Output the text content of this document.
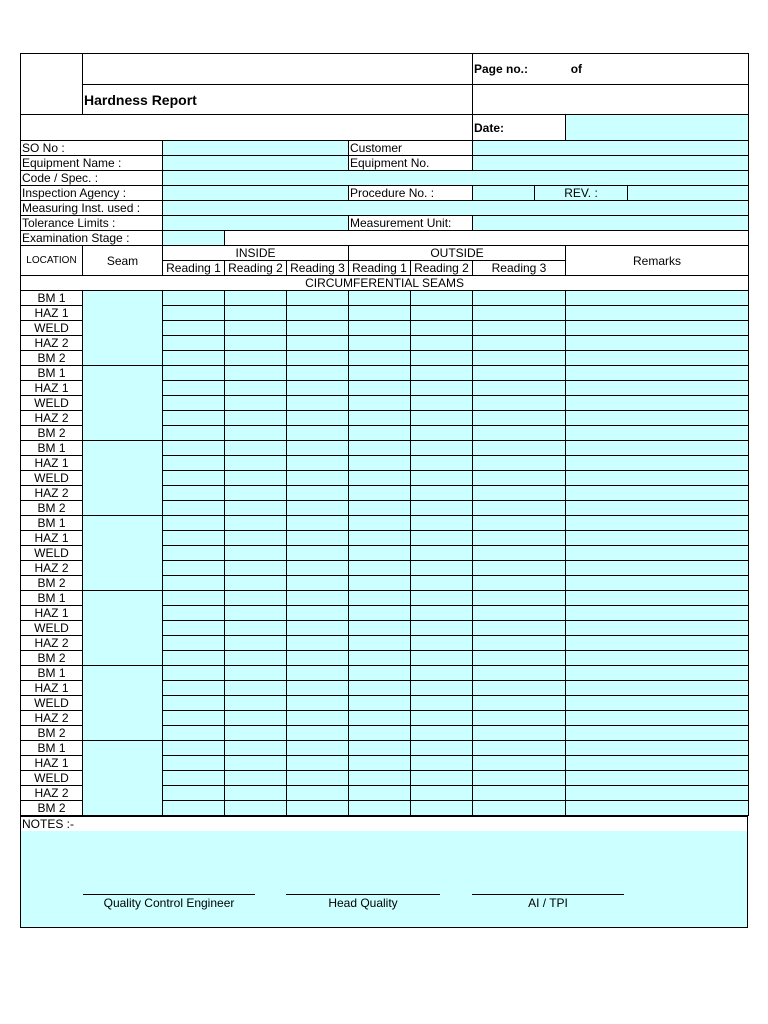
							Page no.: of			
	Hardness Report									
							Date:			
SO No :					Customer					
Equipment Name :					Equipment No.					
Code / Spec. :										
Inspection Agency :					Procedure No. :			REV. :		
Measuring Inst. used :										
Tolerance Limits :					Measurement Unit:					
Examination Stage :										
LOCATION	Seam	INSIDE			OUTSIDE				Remarks	
		Reading 1	Reading 2	Reading 3	Reading 1	Reading 2	Reading 3			
CIRCUMFERENTIAL SEAMS										
BM 1										
HAZ 1										
WELD										
HAZ 2										
BM 2										
BM 1										
HAZ 1										
WELD										
HAZ 2										
BM 2										
BM 1										
HAZ 1										
WELD										
HAZ 2										
BM 2										
BM 1										
HAZ 1										
WELD										
HAZ 2										
BM 2										
BM 1										
HAZ 1										
WELD										
HAZ 2										
BM 2										
BM 1										
HAZ 1										
WELD										
HAZ 2										
BM 2										
BM 1										
HAZ 1										
WELD										
HAZ 2										
BM 2										
NOTES :-
Quality Control Engineer	Head Quality	AI / TPI
